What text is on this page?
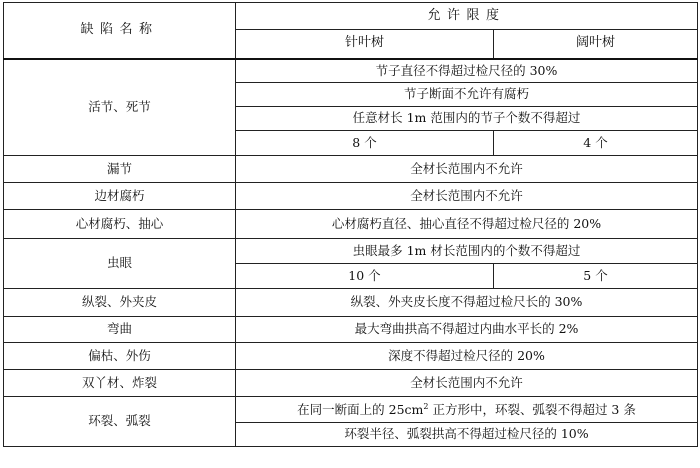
缺陷名称	允许限度	
	针叶树	阔叶树
活节、死节	节子直径不得超过检尺径的 30%	
	节子断面不允许有腐朽	
	任意材长 1m 范围内的节子个数不得超过	
	8 个	4 个
漏节	全材长范围内不允许	
边材腐朽	全材长范围内不允许	
心材腐朽、抽心	心材腐朽直径、抽心直径不得超过检尺径的 20%	
虫眼	虫眼最多 1m 材长范围内的个数不得超过	
	10 个	5 个
纵裂、外夹皮	纵裂、外夹皮长度不得超过检尺长的 30%	
弯曲	最大弯曲拱高不得超过内曲水平长的 2%	
偏枯、外伤	深度不得超过检尺径的 20%	
双丫材、炸裂	全材长范围内不允许	
环裂、弧裂	在同一断面上的 $25cm^2$ 正方形中，环裂、弧裂不得超过 3 条	
	环裂半径、弧裂拱高不得超过检尺径的 10%	
